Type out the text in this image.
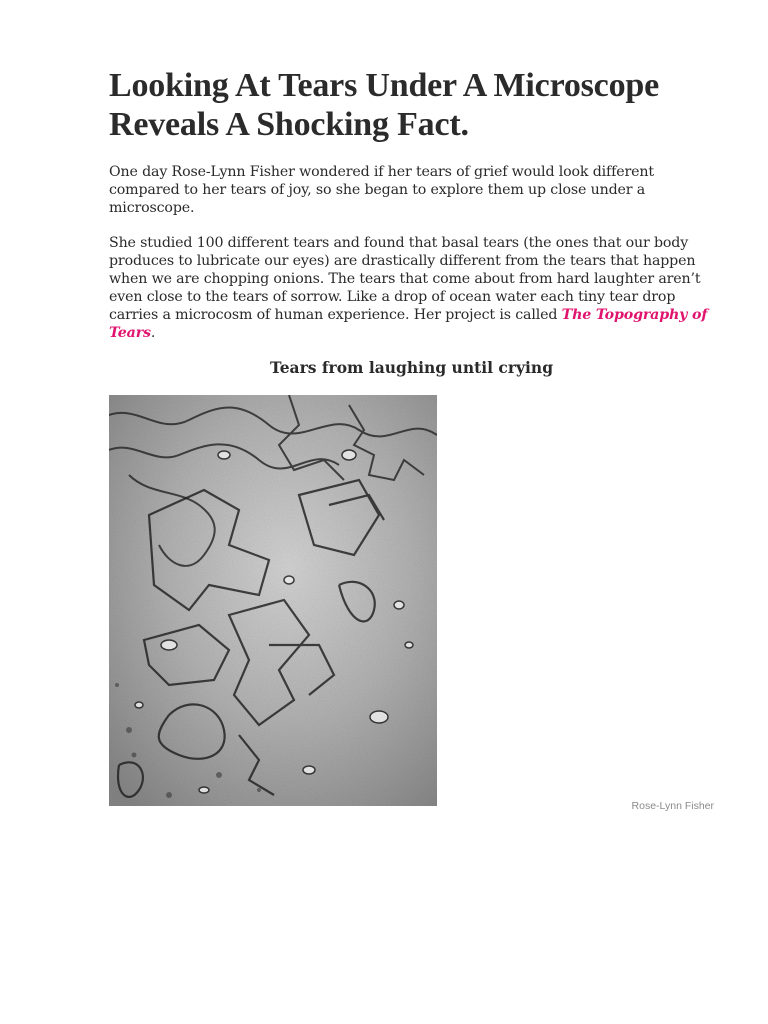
Looking At Tears Under A Microscope Reveals A Shocking Fact.

One day Rose-Lynn Fisher wondered if her tears of grief would look different compared to her tears of joy, so she began to explore them up close under a microscope.

She studied 100 different tears and found that basal tears (the ones that our body produces to lubricate our eyes) are drastically different from the tears that happen when we are chopping onions. The tears that come about from hard laughter aren’t even close to the tears of sorrow. Like a drop of ocean water each tiny tear drop carries a microcosm of human experience. Her project is called The Topography of Tears.

Tears from laughing until crying
Rose-Lynn Fisher
